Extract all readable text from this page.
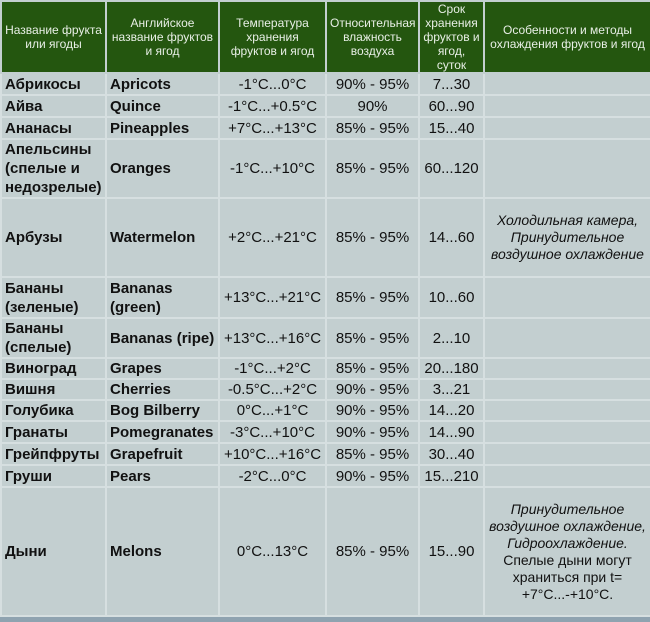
Название фрукта или ягоды	Английское название фруктов и ягод	Температура хранения фруктов и ягод	Относительная влажность воздуха	Срок хранения фруктов и ягод, суток	Особенности и методы охлаждения фруктов и ягод
Абрикосы	Apricots	-1°C...0°C	90% - 95%	7...30	
Айва	Quince	-1°C...+0.5°C	90%	60...90	
Ананасы	Pineapples	+7°C...+13°C	85% - 95%	15...40	
Апельсины (спелые и недозрелые)	Oranges	-1°C...+10°C	85% - 95%	60...120	
Арбузы	Watermelon	+2°C...+21°C	85% - 95%	14...60	Холодильная камера, Принудительное воздушное охлаждение

Бананы (зеленые)	Bananas (green)	+13°C...+21°C	85% - 95%	10...60	
Бананы (спелые)	Bananas (ripe)	+13°C...+16°C	85% - 95%	2...10	
Виноград	Grapes	-1°C...+2°C	85% - 95%	20...180	
Вишня	Cherries	-0.5°C...+2°C	90% - 95%	3...21	
Голубика	Bog Bilberry	0°C...+1°C	90% - 95%	14...20	
Гранаты	Pomegranates	-3°C...+10°C	90% - 95%	14...90	
Грейпфруты	Grapefruit	+10°C...+16°C	85% - 95%	30...40	
Груши	Pears	-2°C...0°C	90% - 95%	15...210	
Дыни	Melons	0°C...13°C	85% - 95%	15...90	Принудительное воздушное охлаждение, Гидроохлаждение.
Спелые дыни могут храниться при t= +7°C...-+10°C.
